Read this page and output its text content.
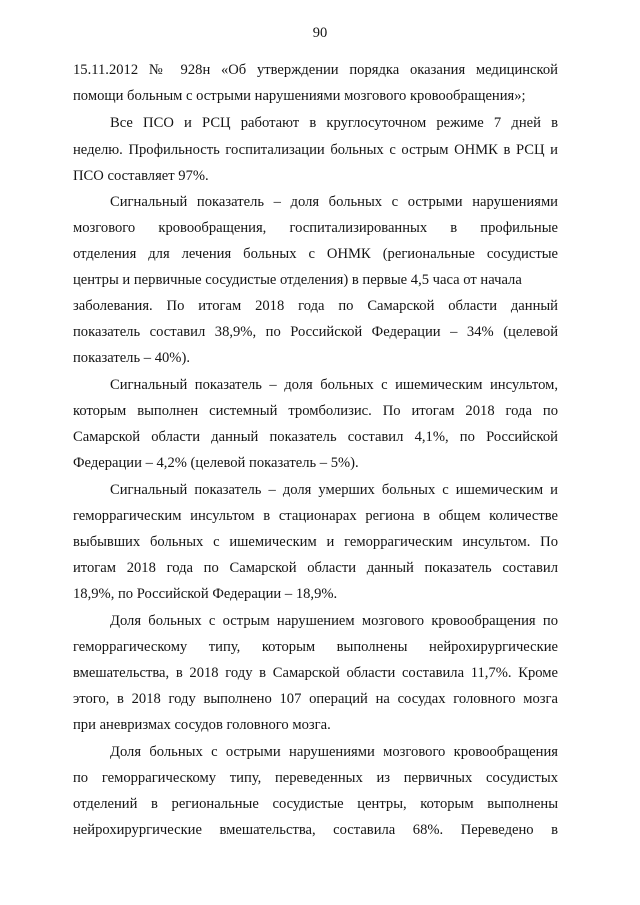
90
15.11.2012 № 928н «Об утверждении порядка оказания медицинской
помощи больным с острыми нарушениями мозгового кровообращения»;
Все ПСО и РСЦ работают в круглосуточном режиме 7 дней в
неделю. Профильность госпитализации больных с острым ОНМК в РСЦ и
ПСО составляет 97%.
Сигнальный показатель – доля больных с острыми нарушениями
мозгового кровообращения, госпитализированных в профильные
отделения для лечения больных с ОНМК (региональные сосудистые
центры и первичные сосудистые отделения) в первые 4,5 часа от начала
заболевания. По итогам 2018 года по Самарской области данный
показатель составил 38,9%, по Российской Федерации – 34% (целевой
показатель – 40%).
Сигнальный показатель – доля больных с ишемическим инсультом,
которым выполнен системный тромболизис. По итогам 2018 года по
Самарской области данный показатель составил 4,1%, по Российской
Федерации – 4,2% (целевой показатель – 5%).
Сигнальный показатель – доля умерших больных с ишемическим и
геморрагическим инсультом в стационарах региона в общем количестве
выбывших больных с ишемическим и геморрагическим инсультом. По
итогам 2018 года по Самарской области данный показатель составил
18,9%, по Российской Федерации – 18,9%.
Доля больных с острым нарушением мозгового кровообращения по
геморрагическому типу, которым выполнены нейрохирургические
вмешательства, в 2018 году в Самарской области составила 11,7%. Кроме
этого, в 2018 году выполнено 107 операций на сосудах головного мозга
при аневризмах сосудов головного мозга.
Доля больных с острыми нарушениями мозгового кровообращения
по геморрагическому типу, переведенных из первичных сосудистых
отделений в региональные сосудистые центры, которым выполнены
нейрохирургические вмешательства, составила 68%. Переведено в
